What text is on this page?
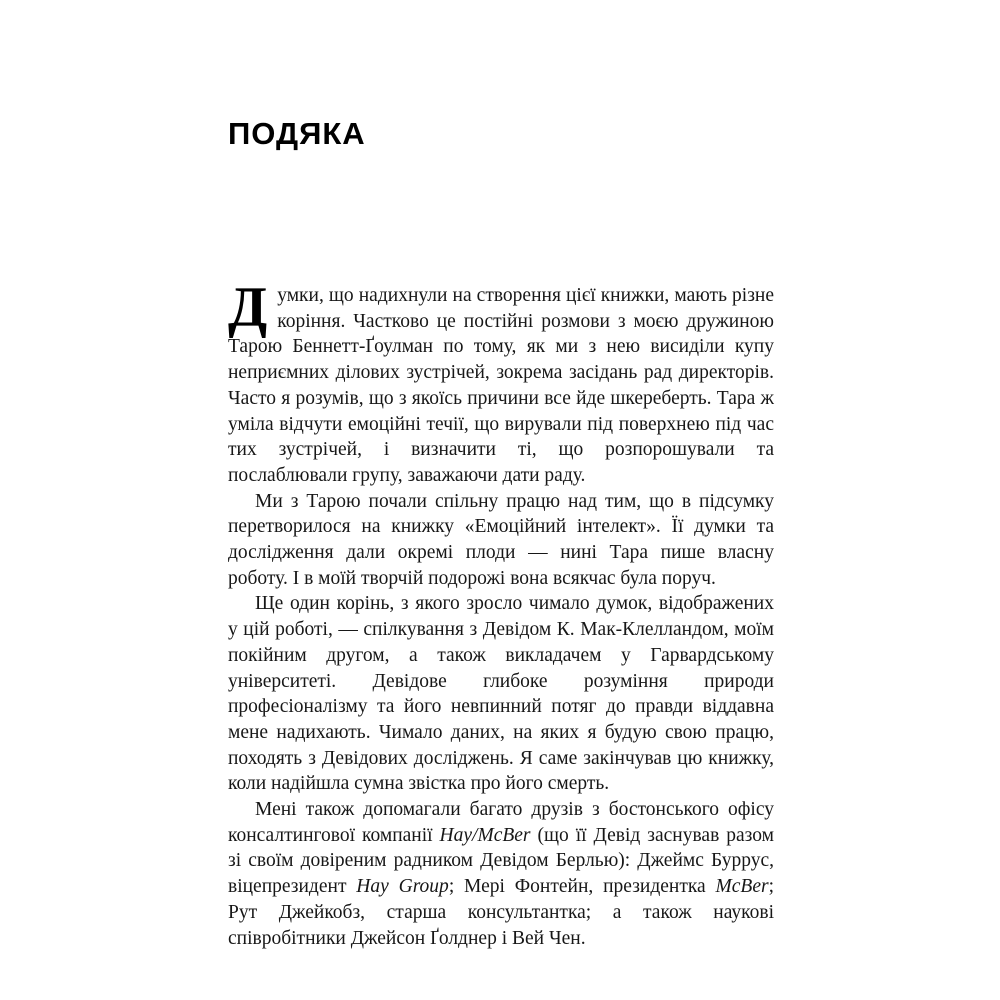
ПОДЯКА

Думки, що надихнули на створення цієї книжки, мають різне коріння. Частково це постійні розмови з моєю дружиною Тарою Беннетт-Ґоулман по тому, як ми з нею висиділи купу неприємних ділових зустрічей, зокрема засідань рад директорів. Часто я розумів, що з якоїсь причини все йде шкереберть. Тара ж уміла відчути емоційні течії, що вирували під поверхнею під час тих зустрічей, і визначити ті, що розпорошували та послаблювали групу, заважаючи дати раду.

Ми з Тарою почали спільну працю над тим, що в підсумку перетворилося на книжку «Емоційний інтелект». Її думки та дослідження дали окремі плоди — нині Тара пише власну роботу. І в моїй творчій подорожі вона всякчас була поруч.

Ще один корінь, з якого зросло чимало думок, відображених у цій роботі, — спілкування з Девідом К. Мак-Клелландом, моїм покійним другом, а також викладачем у Гарвардському університеті. Девідове глибоке розуміння природи професіоналізму та його невпинний потяг до правди віддавна мене надихають. Чимало даних, на яких я будую свою працю, походять з Девідових досліджень. Я саме закінчував цю книжку, коли надійшла сумна звістка про його смерть.

Мені також допомагали багато друзів з бостонського офісу консалтингової компанії Hay/McBer (що її Девід заснував разом зі своїм довіреним радником Девідом Берлью): Джеймс Буррус, віцепрезидент Hay Group; Мері Фонтейн, президентка McBer; Рут Джейкобз, старша консультантка; а також наукові співробітники Джейсон Ґолднер і Вей Чен.
